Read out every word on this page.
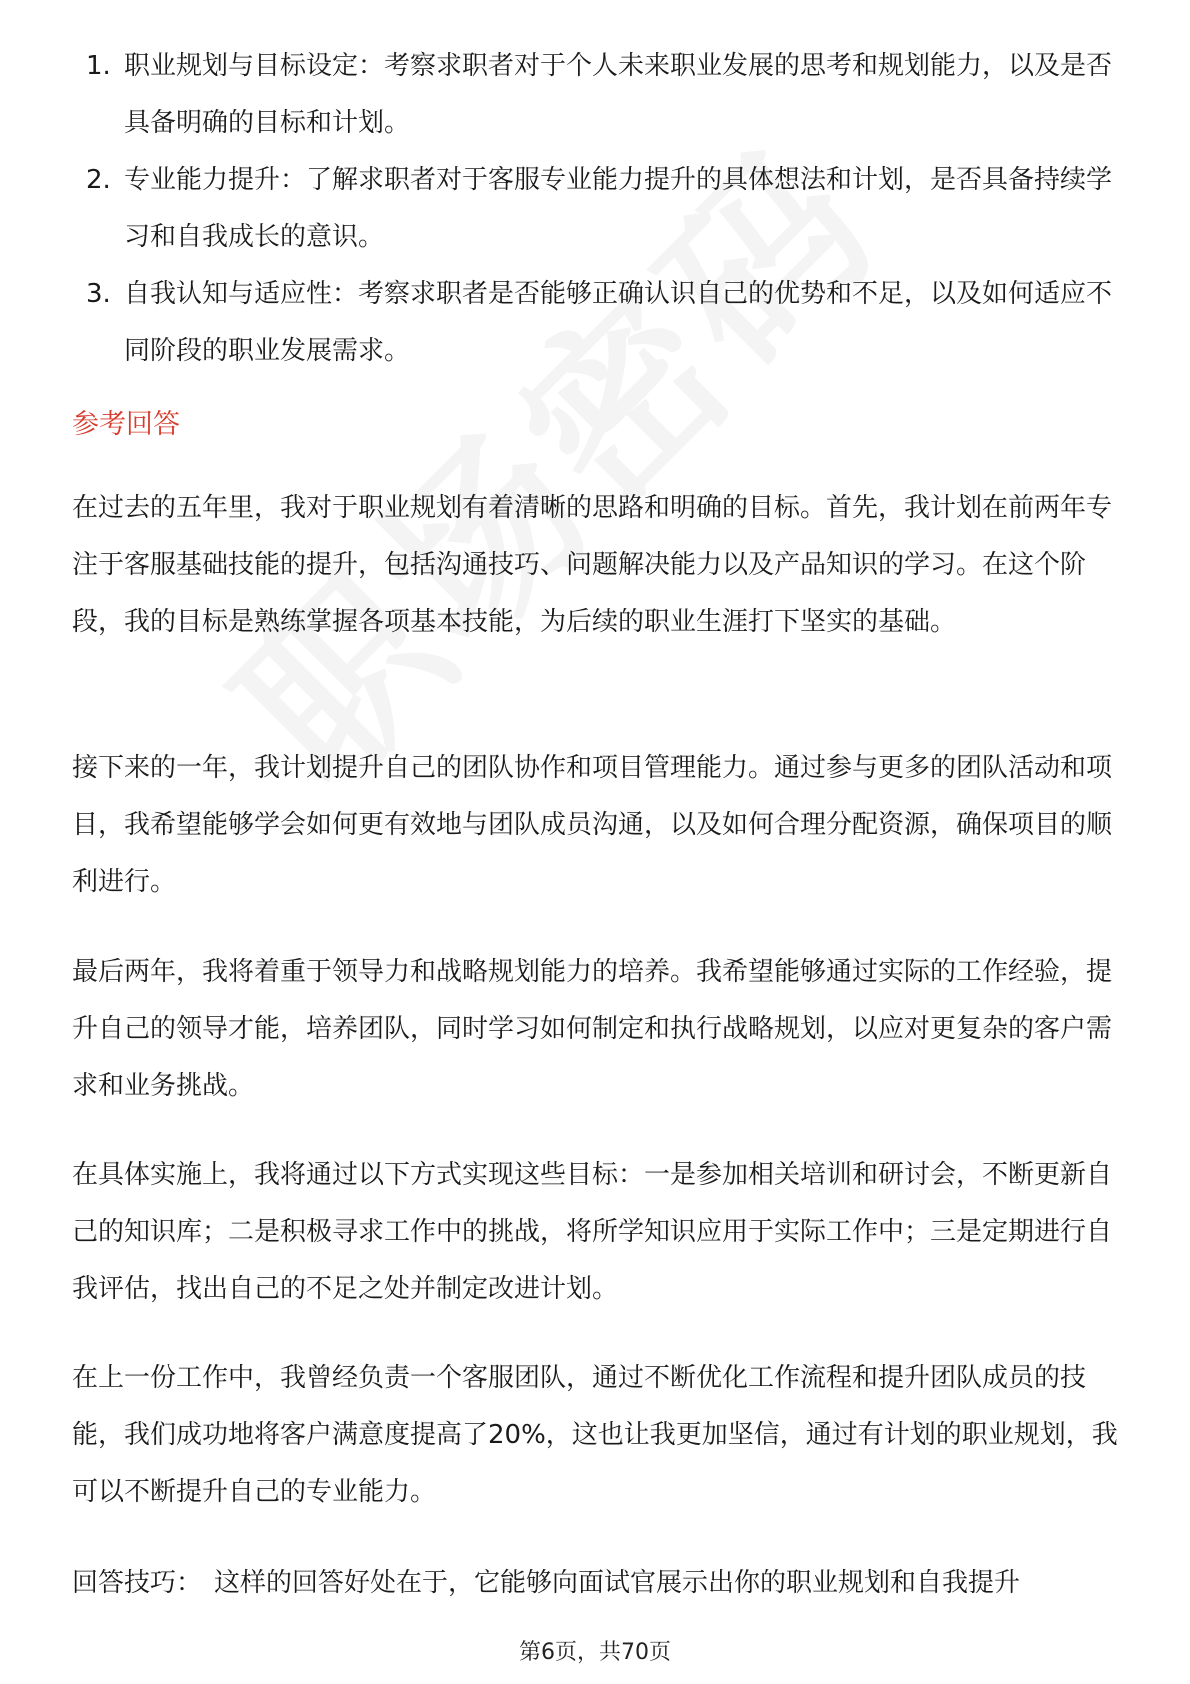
1. 职业规划与目标设定：考察求职者对于个人未来职业发展的思考和规划能力，以及是否具备明确的目标和计划。
2. 专业能力提升：了解求职者对于客服专业能力提升的具体想法和计划，是否具备持续学习和自我成长的意识。
3. 自我认知与适应性：考察求职者是否能够正确认识自己的优势和不足，以及如何适应不同阶段的职业发展需求。
参考回答

在过去的五年里，我对于职业规划有着清晰的思路和明确的目标。首先，我计划在前两年专注于客服基础技能的提升，包括沟通技巧、问题解决能力以及产品知识的学习。在这个阶段，我的目标是熟练掌握各项基本技能，为后续的职业生涯打下坚实的基础。

接下来的一年，我计划提升自己的团队协作和项目管理能力。通过参与更多的团队活动和项目，我希望能够学会如何更有效地与团队成员沟通，以及如何合理分配资源，确保项目的顺利进行。

最后两年，我将着重于领导力和战略规划能力的培养。我希望能够通过实际的工作经验，提升自己的领导才能，培养团队，同时学习如何制定和执行战略规划，以应对更复杂的客户需求和业务挑战。

在具体实施上，我将通过以下方式实现这些目标：一是参加相关培训和研讨会，不断更新自己的知识库；二是积极寻求工作中的挑战，将所学知识应用于实际工作中；三是定期进行自我评估，找出自己的不足之处并制定改进计划。

在上一份工作中，我曾经负责一个客服团队，通过不断优化工作流程和提升团队成员的技能，我们成功地将客户满意度提高了20%，这也让我更加坚信，通过有计划的职业规划，我可以不断提升自己的专业能力。

回答技巧： 这样的回答好处在于，它能够向面试官展示出你的职业规划和自我提升

第6页，共70页
